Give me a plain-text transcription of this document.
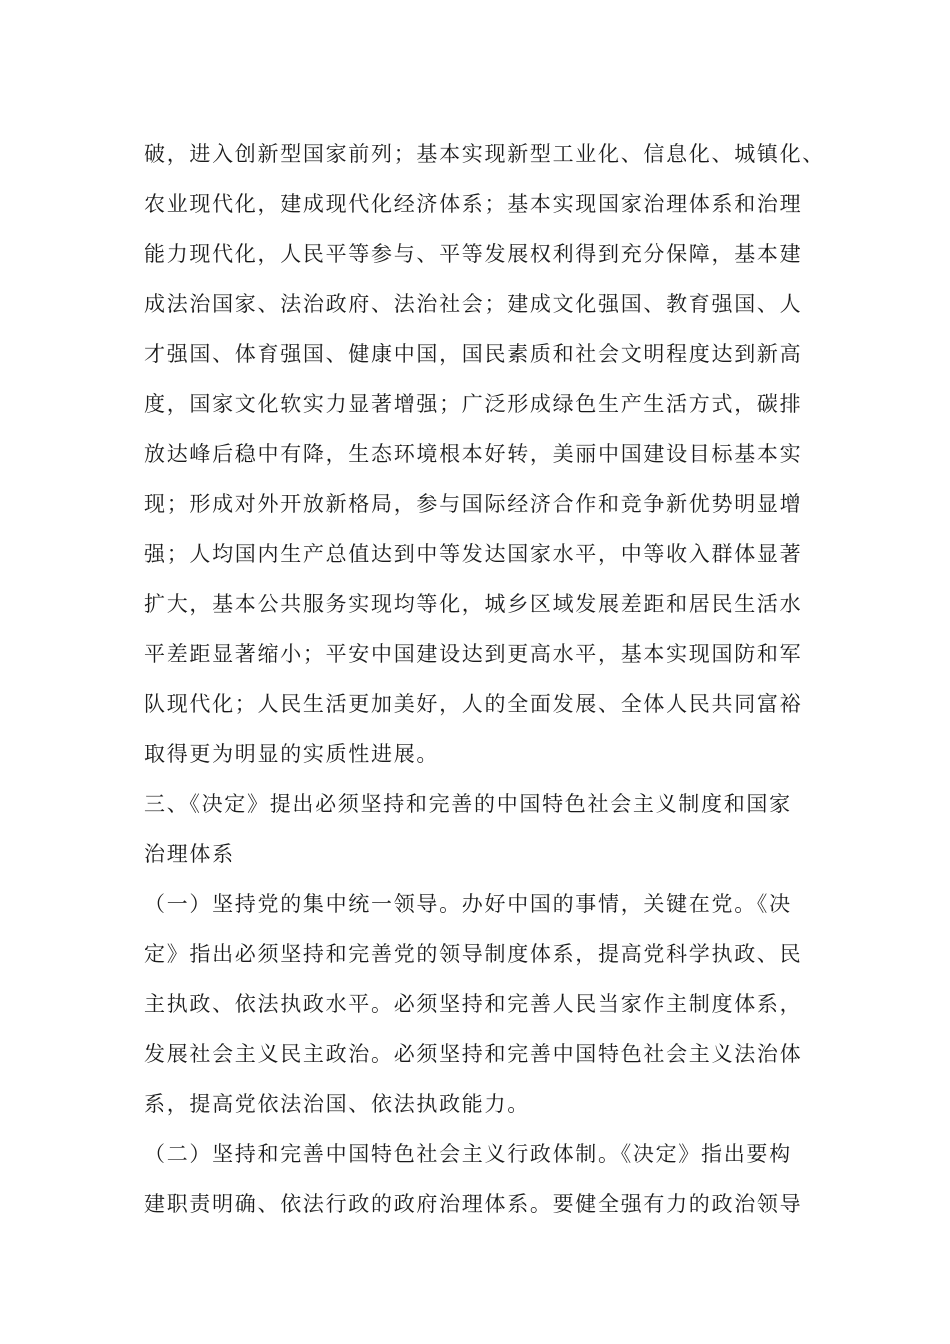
破，进入创新型国家前列；基本实现新型工业化、信息化、城镇化、
农业现代化，建成现代化经济体系；基本实现国家治理体系和治理
能力现代化，人民平等参与、平等发展权利得到充分保障，基本建
成法治国家、法治政府、法治社会；建成文化强国、教育强国、人
才强国、体育强国、健康中国，国民素质和社会文明程度达到新高
度，国家文化软实力显著增强；广泛形成绿色生产生活方式，碳排
放达峰后稳中有降，生态环境根本好转，美丽中国建设目标基本实
现；形成对外开放新格局，参与国际经济合作和竞争新优势明显增
强；人均国内生产总值达到中等发达国家水平，中等收入群体显著
扩大，基本公共服务实现均等化，城乡区域发展差距和居民生活水
平差距显著缩小；平安中国建设达到更高水平，基本实现国防和军
队现代化；人民生活更加美好，人的全面发展、全体人民共同富裕
取得更为明显的实质性进展。
三、《决定》提出必须坚持和完善的中国特色社会主义制度和国家
治理体系
（一）坚持党的集中统一领导。办好中国的事情，关键在党。《决
定》指出必须坚持和完善党的领导制度体系，提高党科学执政、民
主执政、依法执政水平。必须坚持和完善人民当家作主制度体系，
发展社会主义民主政治。必须坚持和完善中国特色社会主义法治体
系，提高党依法治国、依法执政能力。
（二）坚持和完善中国特色社会主义行政体制。《决定》指出要构
建职责明确、依法行政的政府治理体系。要健全强有力的政治领导
